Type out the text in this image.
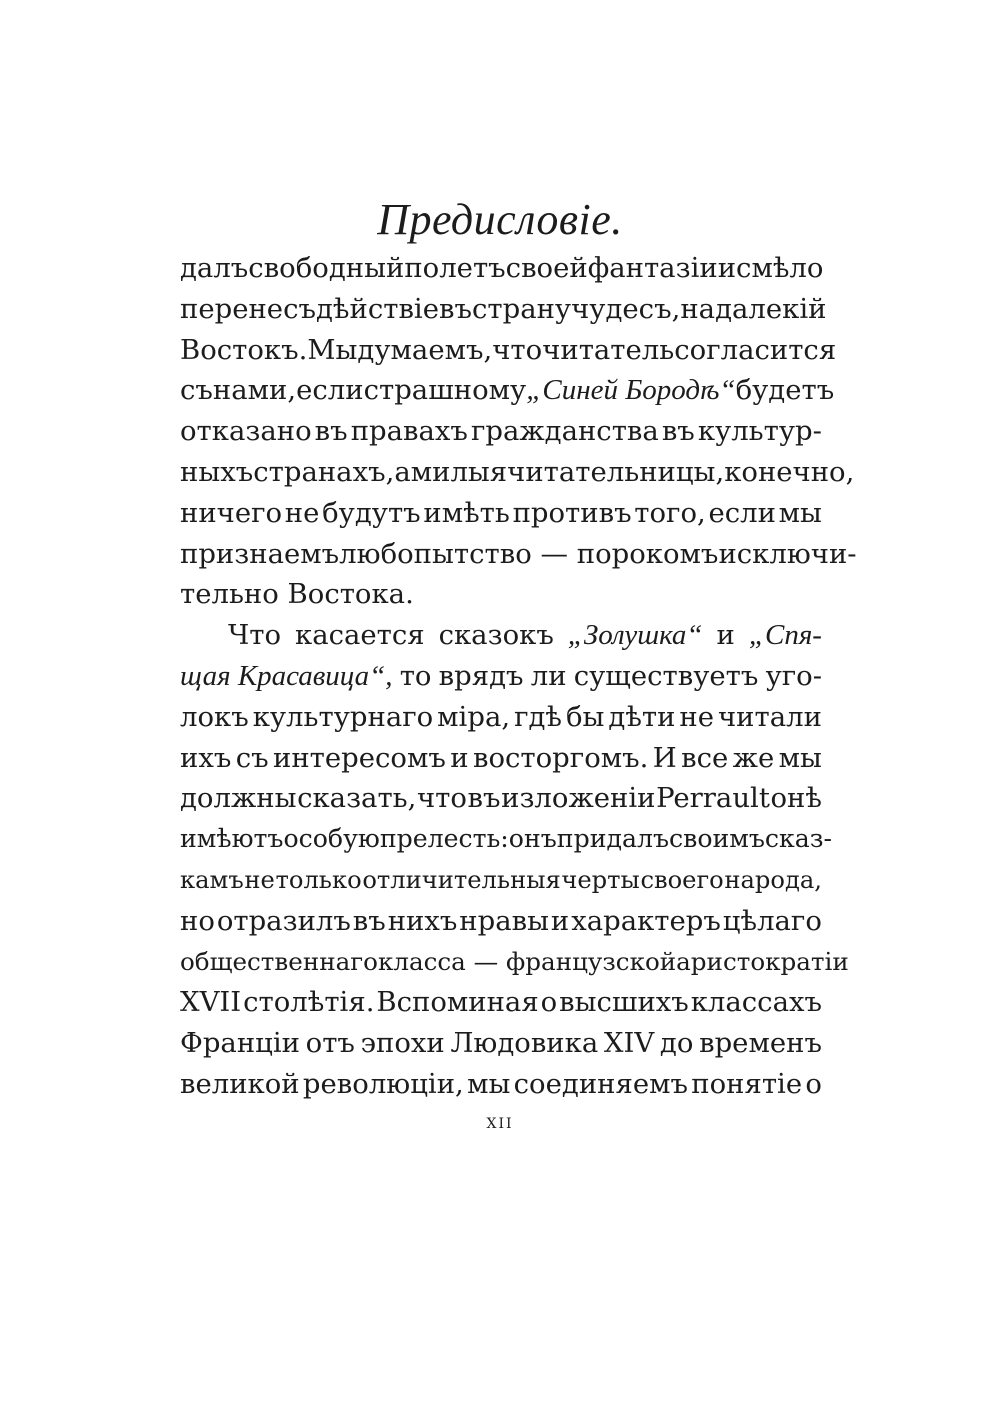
Предисловіе.
далъ свободный полетъ своей фантазіи и смѣло
перенесъ дѣйствіе въ страну чудесъ, на далекій
Востокъ. Мы думаемъ, что читатель согласится
съ нами, если страшному „Синей Бородѣ“ будетъ
отказано въ правахъ гражданства въ культур-
ныхъ странахъ, а милыя читательницы, конечно,
ничего не будутъ имѣть противъ того, если мы
признаемъ любопытство — порокомъ исключи-
тельно Востока.
Что касается сказокъ „Золушка“ и „Спя-
щая Красавица“, то врядъ ли существуетъ уго-
локъ культурнаго міра, гдѣ бы дѣти не читали
ихъ съ интересомъ и восторгомъ. И все же мы
должны сказать, что въ изложеніи Perrault онѣ
имѣютъ особую прелесть: онъ придалъ своимъ сказ-
камъ не только отличительныя черты своего народа,
но отразилъ въ нихъ нравы и характеръ цѣлаго
общественнаго класса — французской аристократіи
XVII столѣтія. Вспоминая о высшихъ классахъ
Франціи отъ эпохи Людовика XIV до временъ
великой революціи, мы соединяемъ понятіе о
XII
